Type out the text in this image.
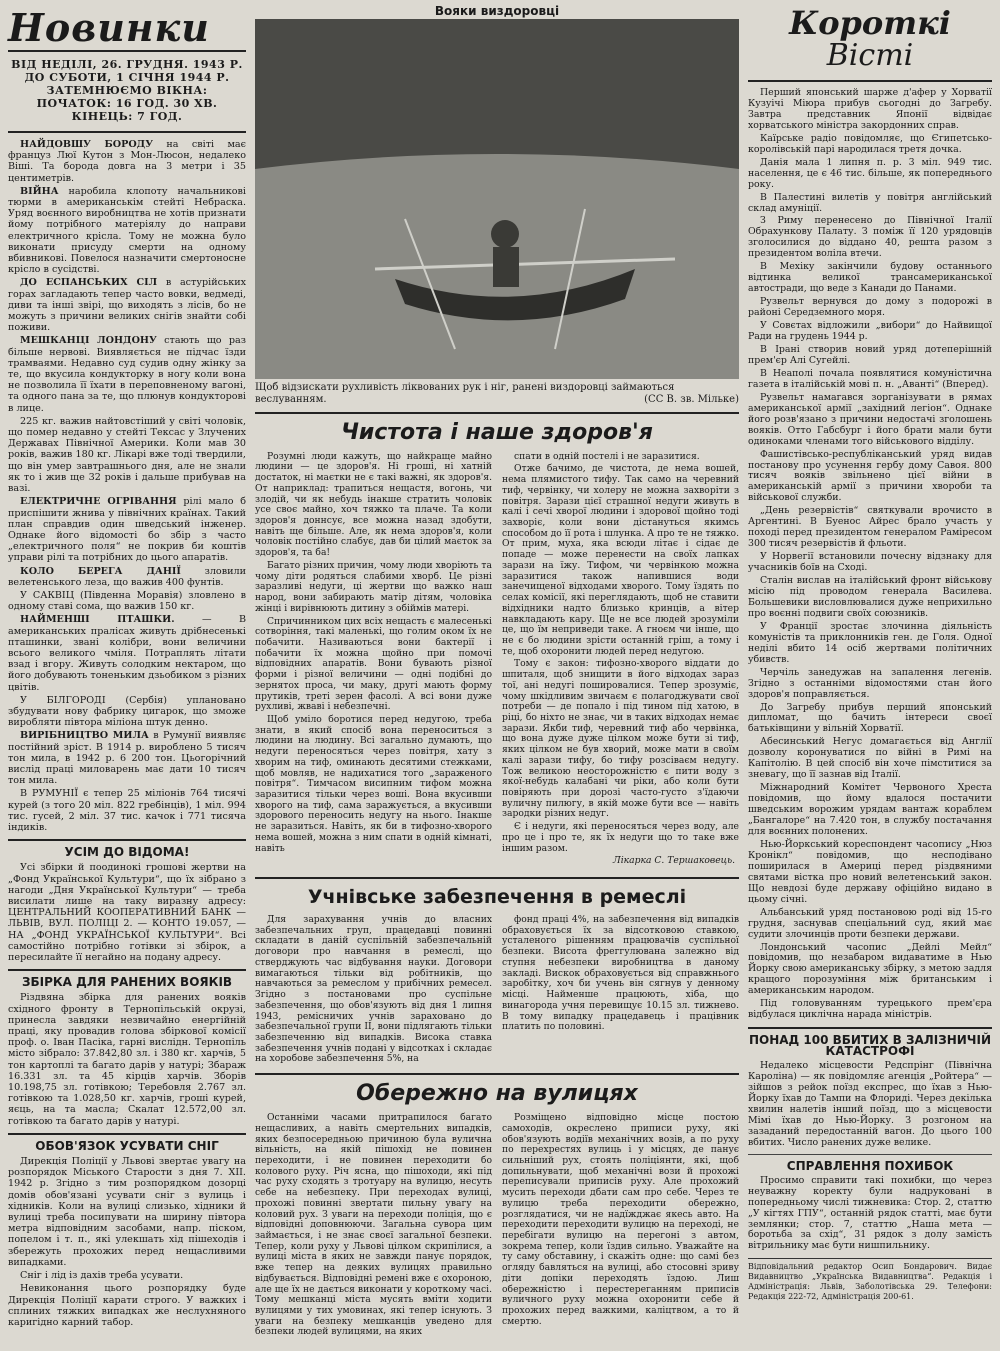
Новинки
ВІД НЕДІЛІ, 26. ГРУДНЯ. 1943 Р.
ДО СУБОТИ, 1 СІЧНЯ 1944 Р.
ЗАТЕМНЮЄМО ВІКНА:
ПОЧАТОК: 16 ГОД. 30 ХВ.
КІНЕЦЬ: 7 ГОД.

НАЙДОВШУ БОРОДУ на світі має француз Люї Кутон з Мон-Люсон, недалеко Віші. Та борода довга на 3 метри і 35 центиметрів.

ВІЙНА наробила клопоту начальникові тюрми в американськім стейті Небраска. Уряд воєнного виробництва не хотів признати йому потрібного матеріялу до направи електричного крісла. Тому не можна було виконати присуду смерти на одному вбивникові. Повелося назначити смертоносне крісло в сусідстві.

ДО ЕСПАНСЬКИХ СІЛ в астурійських горах загладають тепер часто вовки, ведмеді, диви та інші звірі, що виходять з лісів, бо не можуть з причини великих снігів знайти собі поживи.

МЕШКАНЦІ ЛОНДОНУ стають що раз більше нервові. Виявляється не підчас їзди трамваями. Недавно суд судив одну жінку за те, що вкусила кондукторку в ногу коли вона не позволила її їхати в переповненому вагоні, та одного пана за те, що плюнув кондукторові в лице.

225 кг. важив найтовстіший у світі чоловік, що помер недавно у стейті Тексас у Злучених Державах Північної Америки. Коли мав 30 років, важив 180 кг. Лікарі вже тоді твердили, що він умер завтрашнього дня, але не знали як то і жив ще 32 років і дальше прибував на вазі.

ЕЛЕКТРИЧНЕ ОГРІВАННЯ рілі мало б приспішити жнива у північних країнах. Такий план справдив один шведський інженер. Однаке його відомості бо збір з часто „електричного поля“ не покрив би коштів управи рілі та потрібних до цього апаратів.

КОЛО БЕРЕГА ДАНІЇ зловили велетенського леза, що важив 400 фунтів.

У САКВІЦ (Південна Моравія) зловлено в одному ставі сома, що важив 150 кг.

НАЙМЕНШІ ПТАШКИ. — В американських пралісах живуть дрібнесенькі пташинки, звані колібри, вони величини всього великого чміля. Потраплять літати взад і вгору. Живуть солодким нектаром, що його добувають тоненьким дзьобиком з різних цвітів.

У БІЛГОРОДІ (Сербія) уплановано збудувати нову фабрику цигарок, що зможе виробляти півтора міліона штук денно.

ВИРІБНИЦТВО МИЛА в Румунії виявляє постійний зріст. В 1914 р. вироблено 5 тисяч тон мила, в 1942 р. 6 200 тон. Цьогорічний вислід праці миловарень має дати 10 тисяч тон мила.

В РУМУНІЇ є тепер 25 міліонів 764 тисячі курей (з того 20 міл. 822 гребінців), 1 міл. 994 тис. гусей, 2 міл. 37 тис. качок і 771 тисяча індиків.

УСІМ ДО ВІДОМА!

Усі збірки й поодинокі грошові жертви на „Фонд Української Культури“, що їх зібрано з нагоди „Дня Української Культури“ — треба висилати лише на таку виразну адресу: ЦЕНТРАЛЬНИЙ КООПЕРАТИВНИЙ БАНК — ЛЬВІВ, ВУЛ. ПОЛІЦІ 2. — КОНТО 19.057, — НА „ФОНД УКРАЇНСЬКОЇ КУЛЬТУРИ“. Всі самостійно потрібно готівки зі збірок, а пересилайте її негайно на подану адресу.

ЗБІРКА ДЛЯ РАНЕНИХ ВОЯКІВ

Різдвяна збірка для ранених вояків східного фронту в Тернопільській окрузі, принесла завдяки незвичайно енергійній праці, яку провадив голова збіркової комісії проф. о. Іван Пасіка, гарні вислідн. Тернопіль місто зібрало: 37.842,80 зл. і 380 кг. харчів, 5 тон картоплі та багато дарів у натурі; Збараж 16.331 зл. та 45 кірців харчів. Зборів 10.198,75 зл. готівкою; Теребовля 2.767 зл. готівкою та 1.028,50 кг. харчів, гроші курей, яєць, на та масла; Скалат 12.572,00 зл. готівкою та багато дарів у натурі.

ОБОВ'ЯЗОК УСУВАТИ СНІГ

Дирекція Поліції у Львові звертає увагу на розпорядок Міського Старости з дня 7. XII. 1942 р. Згідно з тим розпорядком дозорці домів обов'язані усувати сніг з вулиць і хідників. Коли на вулиці слизько, хідники й вулиці треба посипувати на ширину півтора метра відповідним засобами, напр. піском, попелом і т. п., які улекшать хід пішеходів і збережуть прохожих перед нещасливими випадками.

Сніг і лід із дахів треба усувати.

Невиконання цього розпорядку буде Дирекція Поліції карати строго. У важких і сплиних тяжких випадках же неслухняного каригідно карний табор.

Вояки виздоровці
Щоб відзискати рухливість ліквованих рук і ніг, ранені виздоровці займаються веслуванням.	(СС В. зв. Мількe)
Чистота і наше здоров'я

Розумні люди кажуть, що найкраще майно людини — це здоров'я. Ні гроші, ні хатній достаток, ні маєтки не є такі важні, як здоров'я. От наприклад: трапиться нещастя, вогонь, чи злодій, чи як небудь інакше стратить чоловік усе своє майно, хоч тяжко та плаче. Та коли здоров'я доннсує, все можна назад здобути, навіть ще більше. Але, як нема здоров'я, коли чоловік постійно слабує, дав би цілий маєток за здоров'я, та ба!

Багато різних причин, чому люди хворіють та чому діти родяться слабими хворб. Це різні заразливі недуги, ці жертви що важко наш народ, вони забирають матір дітям, чоловіка жінці і вирівнюють дитину з обіймів матері.

Спричинником цих всіх нещасть є малесенькі сотворіння, такі маленькі, що голим оком їх не побачити. Називаються вони бактерії і побачити їх можна щойно при помочі відповідних апаратів. Вони бувають різної форми і різної величини — одні подібні до зернятох проса, чи маку, другі мають форму прутиків, треті зерен фасолі. А всі вони дуже рухливі, жваві і небезпечні.

Щоб уміло боротися перед недугою, треба знати, в який спосіб вона переноситься з людини на людину. Всі загально думають, що недуги переносяться через повітря, хату з хворим на тиф, оминають десятими стежками, щоб мовляв, не надихатися того „зараженого повітря“. Тимчасом висипним тифом можна заразитися тільки через воші. Вона вкусивши хворого на тиф, сама заражується, а вкусивши здорового переносить недугу на нього. Інакше не заразиться. Навіть, як би в тифозно-хворого нема вошей, можна з ним спати в одній кімнаті, навіть

спати в одній постелі і не заразитися.

Отже бачимо, де чистота, де нема вошей, нема плямистого тифу. Так само на черевний тиф, червінку, чи холеру не можна захворіти з повітря. Зарази цієї страшної недуги живуть в калі і сечі хворої людини і здорової щойно тоді захворіє, коли вони дістануться якимсь способом до її рота і шлунка. А про те не тяжко. От прим, муха, яка всюди літає і сідає де попаде — може перенести на своїх лапках зарази на їжу. Тифом, чи червінкою можна заразитися також напившися води занечищеної відходами хворого. Тому їздять по селах комісії, які переглядають, щоб не ставити відхідники надто близько кринців, а вітер навкладають кару. Ще не все людей зрозуміли це, що їм неприведи таке. А гноєм чи інше, що не є бо людини зрісти останній гріш, а тому і те, щоб охоронити людей перед недугою.

Тому є закон: тифозно-хворого віддати до шпиталя, щоб знищити в його відходах зараз тої, ані недугі пошировалися. Тепер зрозуміє, чому шкідливим звичаєм є полагоджувати свої потреби — де попало і під тином під хатою, в ріці, бо ніхто не знає, чи в таких відходах немає зарази. Якби тиф, черевний тиф або червінка, що вона дуже дуже цілком може бути зі тиф, яких цілком не був хворий, може мати в своїм калі зарази тифу, бо тифу розсіваєм недугу. Тож великою неосторожністю є пити воду з якої-небудь калабані чи ріки, або коли бути повіряють при дорозі часто-густо з'їдаючи вуличну пилюгу, в якій може бути все — навіть зародки різних недуг.

Є і недуги, які переносяться через воду, але про це і про те, як їх недуги що то таке вже іншим разом.

Лікарка С. Тершаковець.
Учнівське забезпечення в ремеслі

Для зарахування учнів до власних забезпечальних груп, працедавці повинні складати в даній суспільній забезпечальній договори про навчання в ремеслі, що стверджують час відбування науки. Договори вимагаються тільки від робітників, що навчаються за ремеслом у прибічних ремесел. Згідно з постановами про суспільне забезпечення, що обов'язують від дня 1 липня 1943, ремісничих учнів зараховано до забезпечальної групи II, вони підлягають тільки забезпеченню від випадків. Висока ставка забезпечення учнів подані у відсотках і складає на хоробове забезпечення 5%, на

фонд праці 4%, на забезпечення від випадків обраховується їх за відсотковою ставкою, усталеного рішенням працювачів суспільної безпеки. Висота фреггулювана залежно від ступня небезпеки виробництва в даному закладі. Вискок обраховується від справжнього заробітку, хоч би учень він сягнув у денному місці. Найменше працюють, хіба, що винагорода учня перевищує 10.15 зл. тижнево. В тому випадку працедавець і працівник платить по половині.

Обережно на вулицях

Останніми часами притрапилося багато нещасливих, а навіть смертельних випадків, яких безпосередньою причиною була вулична вільність, на якій пішохід не повинен переходити, і не повинен переходити бо колового руху. Річ ясна, що пішоходи, які під час руху сходять з тротуару на вулицю, несуть себе на небезпеку. При переходах вулиці, прохожі повинні звертати пильну увагу на коловий рух. З уваги на переходи поліція, що є відповідні доповнюючи. Загальна сувора цим займається, і не знає своєї загальної безпеки. Тепер, коли руху у Львові цілком скрипілися, а вулиці міста в яких не завжди панує порядок, вже тепер на деяких вулицях правильно відбувається. Відповідні ремені вже є охороною, але ще їх не дається виконати у короткому часі. Тому мешканці міста мусять вміти ходити вулицями у тих умовинах, які тепер існують. З уваги на безпеку мешканців уведено для безпеки людей вулицями, на яких

Розміщено відповідно місце постою самоходів, окреслено приписи руху, які обов'язують водіїв механічних возів, а по руху по перехрестях вулиць і у місцях, де панує сильніший рух, стоять поліціянти, які, щоб допильнувати, щоб механічні вози й прохожі переписували приписів руху. Але прохожий мусить переходи дбати сам про себе. Через те вулицю треба переходити обережно, розглядатися, чи не надїжджає якесь авто. На переходити переходити вулицю на переході, не перебігати вулицю на перегоні з автом, зокрема тепер, коли їздив сильно. Уважайте на ту саму обставину, і скажіть одне: що самі без огляду бавляться на вулиці, або стосовні зриву діти допіки переходять їздою. Лиш обережністю і перестереганням приписів вуличного руху можна охоронити себе й прохожих перед важкими, каліцтвом, а то й смертю.

Короткі
Вісті

Перший японський шарже д'афер у Хорватії Кузуічі Міюра прибув сьогодні до Загребу. Завтра представник Японії відвідає хорватського міністра закордонних справ.

Каїрське радіо повідомляє, що Єгипетсько-королівській парі народилася третя дочка.

Данія мала 1 липня п. р. 3 міл. 949 тис. населення, це є 46 тис. більше, як попереднього року.

В Палестині вилетів у повітря англійський склад амуніції.

З Риму перенесено до Північної Італії Обрахункову Палату. З поміж її 120 урядовців зголосилися до віддано 40, решта разом з президентом воліла втечи.

В Мехіку закінчили будову останнього відтинка великої трансамериканської автостради, що веде з Канади до Панами.

Рузвельт вернувся до дому з подорожі в районі Середземного моря.

У Совєтах відложили „вибори“ до Найвищої Ради на грудень 1944 р.

В Ірані створив новий уряд дотеперішній прем'єр Алі Сугейлі.

В Неаполі почала появлятися комуністична газета в італійській мові п. н. „Аванті“ (Вперед).

Рузвельт намагався зорганізувати в рямах американської армії „західний легіон“. Однаке його розв'язано з причини недостачі зголошень вояків. Отто Габсбург і його брати мали бути одиноками членами того військового відділу.

Фашистівсько-республіканський уряд видав постанову про усунення гербу дому Савоя. 800 тисяч вояків звільнено цієї війни в американській армії з причини хвороби та військової служби.

„День резервістів“ святкували врочисто в Аргентині. В Буенос Айрес брало участь у поході перед президентом генералом Раміресом 300 тисяч резервістів й фльоти.

У Норвегії встановили почесну відзнаку для учасників боїв на Сході.

Сталін вислав на італійський фронт військову місію під проводом генерала Василева. Большевики висловлювалися дуже неприхильно про воєнні подвиги своїх союзників.

У Франції зростає злочинна діяльність комуністів та приклонників ген. де Голя. Одної неділі вбито 14 осіб жертвами політичних убивств.

Черчіль занедужав на запалення легенів. Згідно з останніми відомостями стан його здоров'я поправляється.

До Загребу прибув перший японський дипломат, що бачить інтереси своєї батьківщини у вільній Хорватії.

Абесинський Негус домагається від Англії дозволу коронуватися по війні в Римі на Капітолію. В цей спосіб він хоче пімститися за зневагу, що її зазнав від Італії.

Міжнародний Комітет Червоного Хреста повідомив, що йому вдалося постачити шведським ворожим урядам вантаж кораблем „Бангалоре“ на 7.420 тон, в службу постачання для воєнних полонених.

Нью-Йоркський кореспондент часопису „Нюз Кронікл“ повідомив, що несподівано поширилася в Америці перед різдвяними святами вістка про новий велетенський закон. Що невдозі буде державу офіційно видано в цьому січні.

Альбанський уряд постановою роді від 15-го грудня, заснував спеціальний суд, який має судити злочинців проти безпеки держави.

Лондонський часопис „Дейлі Мейл“ повідомив, що незабаром видаватиме в Нью Йорку свою американську збірку, з метою задля кращого порозуміння між британським і американським народом.

Під головуванням турецького прем'єра відбулася циклічна нарада міністрів.

ПОНАД 100 ВБИТИХ В ЗАЛІЗНИЧІЙ КАТАСТРОФІ

Недалеко місцевости Редспрінг (Північна Кароліна) — як повідомляє агенція „Ройтера“ — зійшов з рейок поїзд експрес, що їхав з Нью-Йорку їхав до Тампи на Флориді. Через декілька хвилин налетів інший поїзд, що з місцевости Мімі їхав до Нью-Йорку. З розгоном на зазаданий передостанній вагон. До цього 100 вбитих. Число ранених дуже велике.

СПРАВЛЕННЯ ПОХИБОК

Просимо справити такі похибки, що через неуважну коректу були надруковані в попередньому числі тижневика: Стор. 2, статтю „У кігтях ГПУ“, останній рядок статті, має бути землянки; стор. 7, статтю „Наша мета — боротьба за схід“, 31 рядок з долу замість вітрильнику має бути нишпильнику.

Відповідальний редактор Осип Бондарович. Видає Видавництво „Українська Видавництва“. Редакція і Адміністрація: Львів, Заболотівська 29. Телефони: Редакція 222-72, Адміністрація 200-61.
